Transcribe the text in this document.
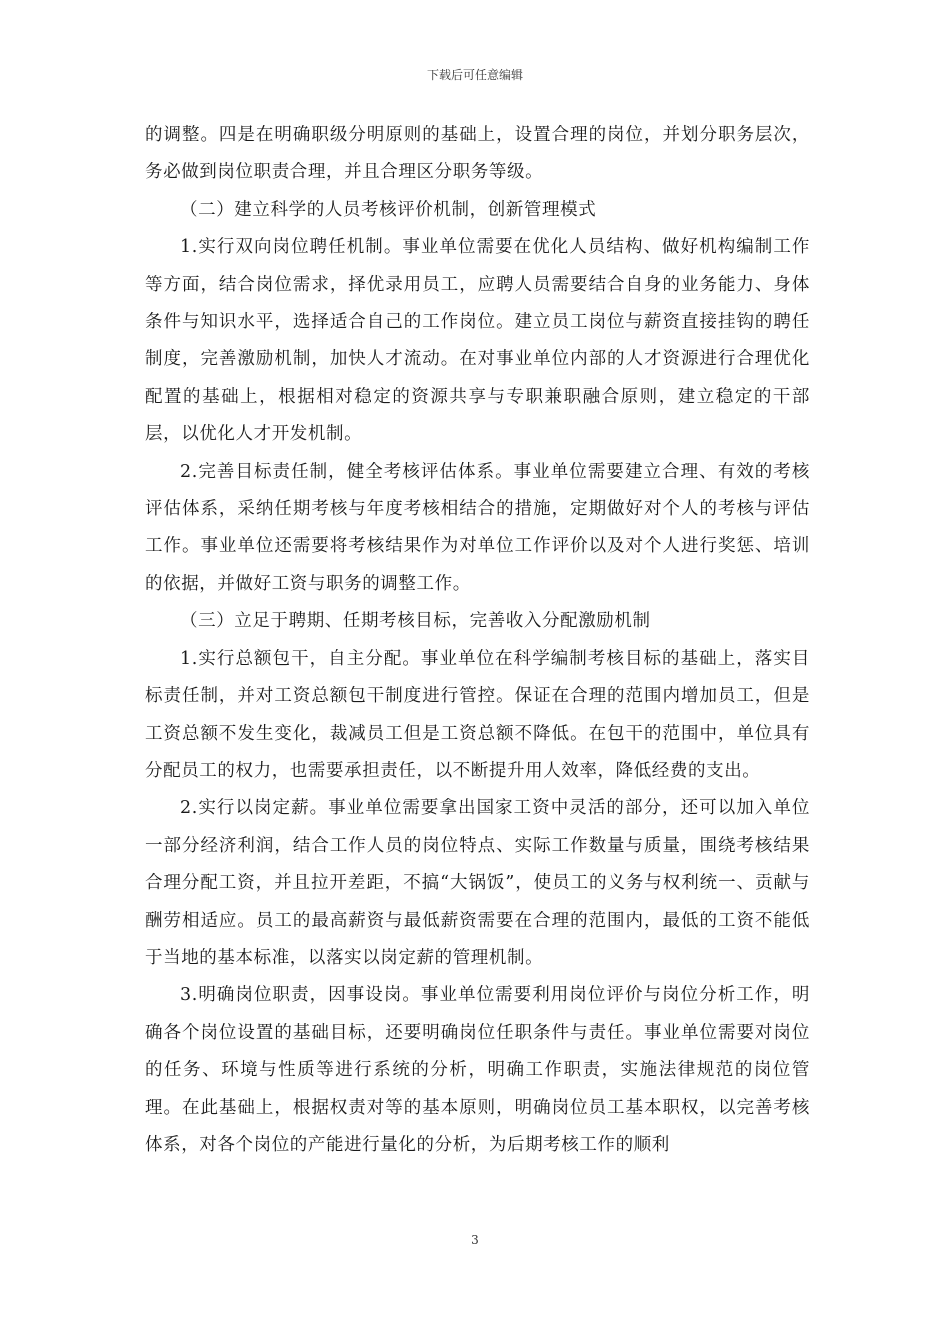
下载后可任意编辑

的调整。四是在明确职级分明原则的基础上，设置合理的岗位，并划分职务层次，务必做到岗位职责合理，并且合理区分职务等级。

（二）建立科学的人员考核评价机制，创新管理模式

1.实行双向岗位聘任机制。事业单位需要在优化人员结构、做好机构编制工作等方面，结合岗位需求，择优录用员工，应聘人员需要结合自身的业务能力、身体条件与知识水平，选择适合自己的工作岗位。建立员工岗位与薪资直接挂钩的聘任制度，完善激励机制，加快人才流动。在对事业单位内部的人才资源进行合理优化配置的基础上，根据相对稳定的资源共享与专职兼职融合原则，建立稳定的干部层，以优化人才开发机制。

2.完善目标责任制，健全考核评估体系。事业单位需要建立合理、有效的考核评估体系，采纳任期考核与年度考核相结合的措施，定期做好对个人的考核与评估工作。事业单位还需要将考核结果作为对单位工作评价以及对个人进行奖惩、培训的依据，并做好工资与职务的调整工作。

（三）立足于聘期、任期考核目标，完善收入分配激励机制

1.实行总额包干，自主分配。事业单位在科学编制考核目标的基础上，落实目标责任制，并对工资总额包干制度进行管控。保证在合理的范围内增加员工，但是工资总额不发生变化，裁减员工但是工资总额不降低。在包干的范围中，单位具有分配员工的权力，也需要承担责任，以不断提升用人效率，降低经费的支出。

2.实行以岗定薪。事业单位需要拿出国家工资中灵活的部分，还可以加入单位一部分经济利润，结合工作人员的岗位特点、实际工作数量与质量，围绕考核结果合理分配工资，并且拉开差距，不搞“大锅饭”，使员工的义务与权利统一、贡献与酬劳相适应。员工的最高薪资与最低薪资需要在合理的范围内，最低的工资不能低于当地的基本标准，以落实以岗定薪的管理机制。

3.明确岗位职责，因事设岗。事业单位需要利用岗位评价与岗位分析工作，明确各个岗位设置的基础目标，还要明确岗位任职条件与责任。事业单位需要对岗位的任务、环境与性质等进行系统的分析，明确工作职责，实施法律规范的岗位管理。在此基础上，根据权责对等的基本原则，明确岗位员工基本职权，以完善考核体系，对各个岗位的产能进行量化的分析，为后期考核工作的顺利

3
